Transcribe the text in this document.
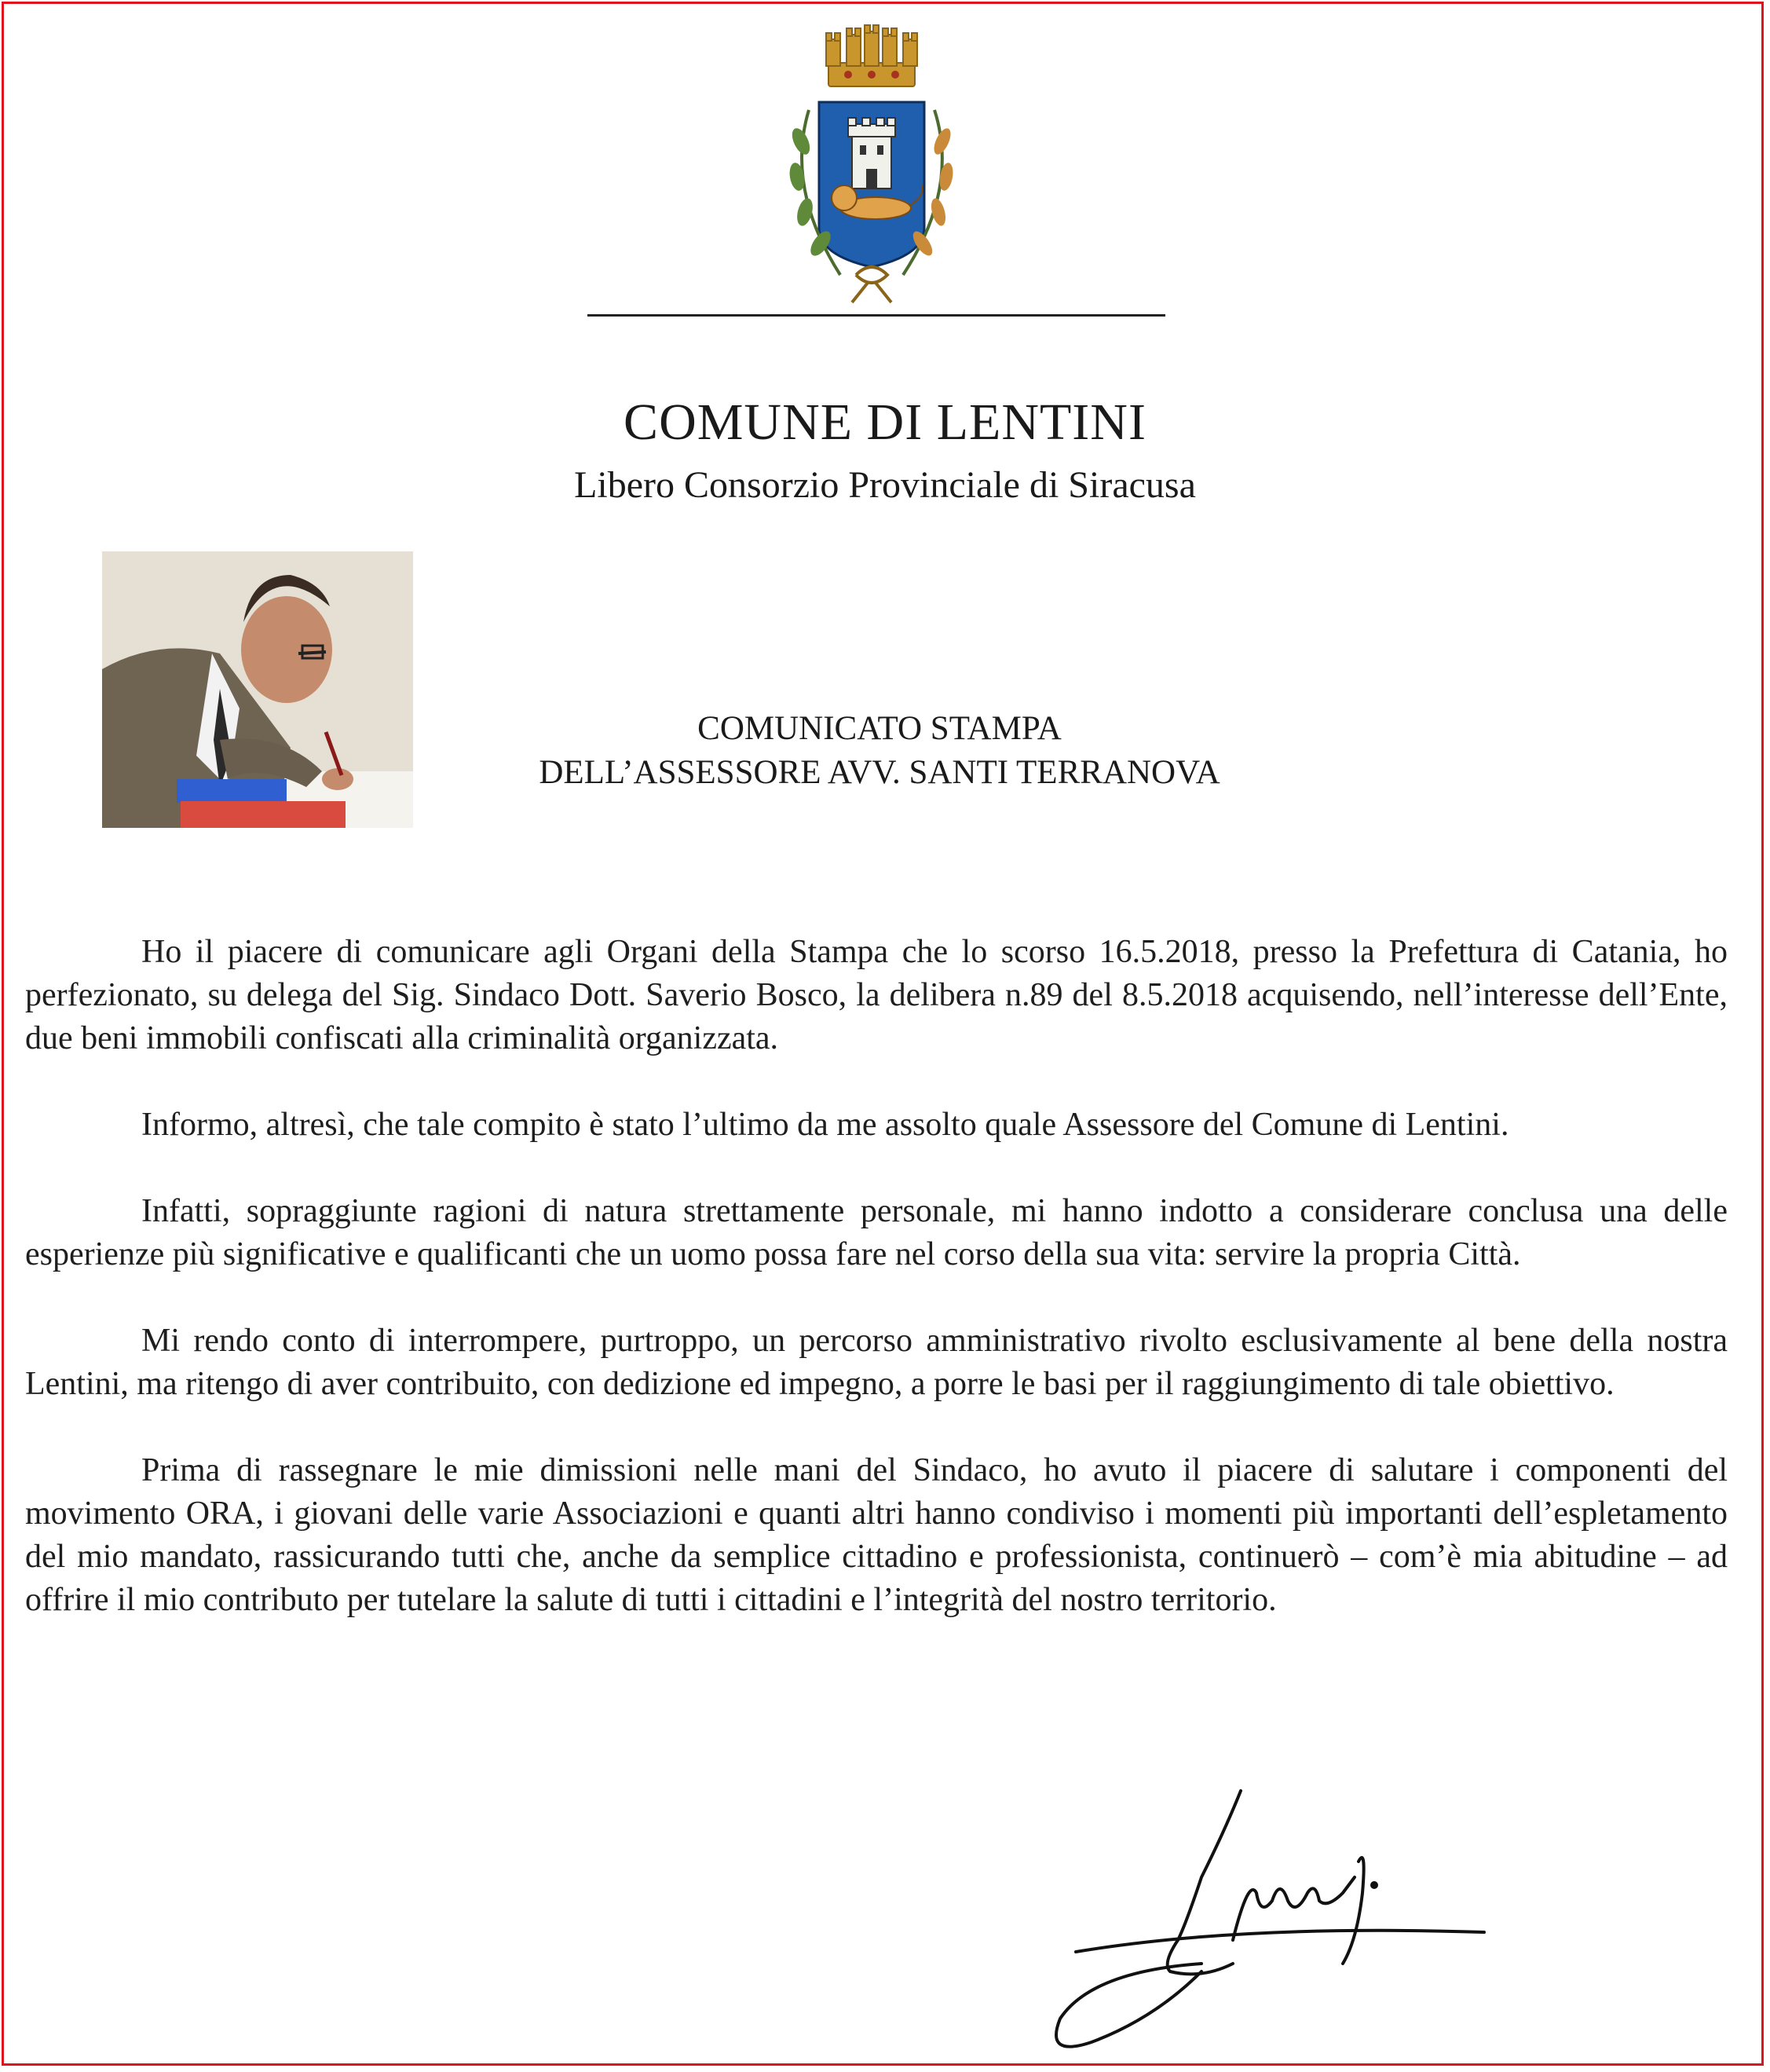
COMUNE DI LENTINI
Libero Consorzio Provinciale di Siracusa
COMUNICATO STAMPA
DELL’ASSESSORE AVV. SANTI TERRANOVA

Ho il piacere di comunicare agli Organi della Stampa che lo scorso 16.5.2018, presso la Prefettura di Catania, ho perfezionato, su delega del Sig. Sindaco Dott. Saverio Bosco, la delibera n.89 del 8.5.2018 acquisendo, nell’interesse dell’Ente, due beni immobili confiscati alla criminalità organizzata.

Informo, altresì, che tale compito è stato l’ultimo da me assolto quale Assessore del Comune di Lentini.

Infatti, sopraggiunte ragioni di natura strettamente personale, mi hanno indotto a considerare conclusa una delle esperienze più significative e qualificanti che un uomo possa fare nel corso della sua vita: servire la propria Città.

Mi rendo conto di interrompere, purtroppo, un percorso amministrativo rivolto esclusivamente al bene della nostra Lentini, ma ritengo di aver contribuito, con dedizione ed impegno, a porre le basi per il raggiungimento di tale obiettivo.

Prima di rassegnare le mie dimissioni nelle mani del Sindaco, ho avuto il piacere di salutare i componenti del movimento ORA, i giovani delle varie Associazioni e quanti altri hanno condiviso i momenti più importanti dell’espletamento del mio mandato, rassicurando tutti che, anche da semplice cittadino e professionista, continuerò – com’è mia abitudine – ad offrire il mio contributo per tutelare la salute di tutti i cittadini e l’integrità del nostro territorio.
